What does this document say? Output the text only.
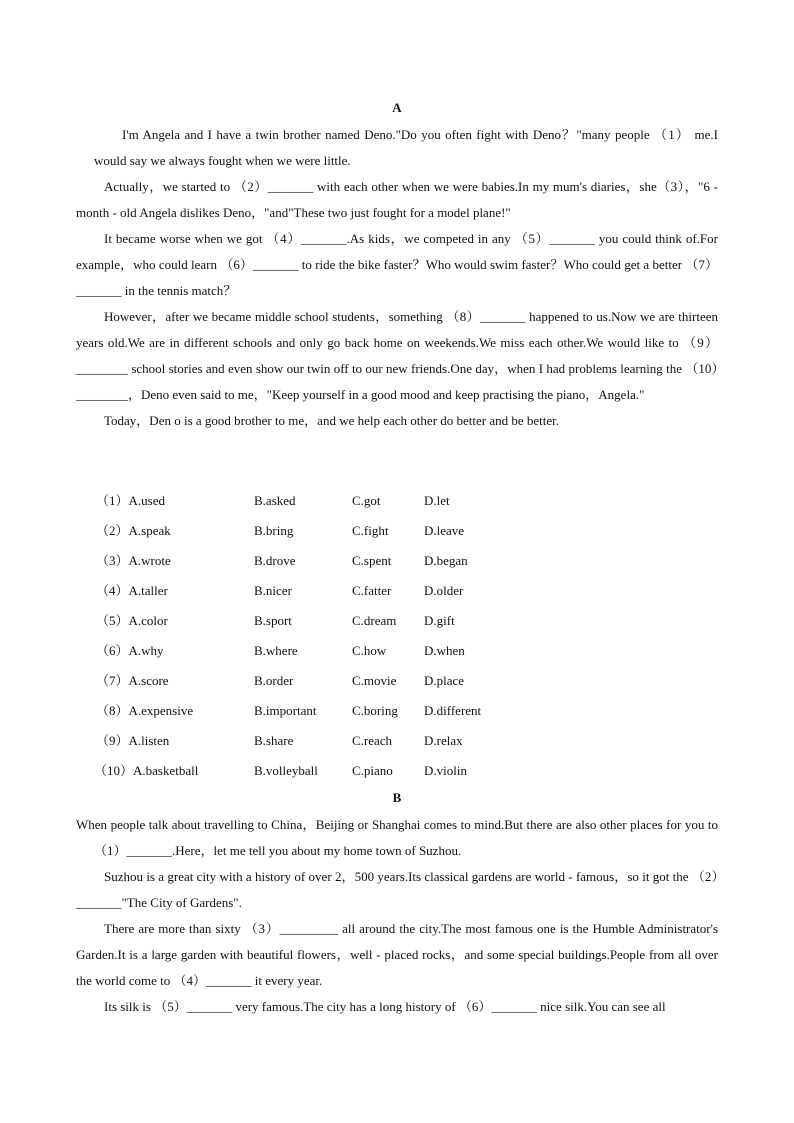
A

I'm Angela and I have a twin brother named Deno."Do you often fight with Deno？"many people （1） me.I would say we always fought when we were little.

Actually，we started to （2）_______ with each other when we were babies.In my mum's diaries，she（3），"6 - month - old Angela dislikes Deno，"and"These two just fought for a model plane!"

It became worse when we got （4）_______.As kids，we competed in any （5）_______ you could think of.For example，who could learn （6）_______ to ride the bike faster？Who would swim faster？Who could get a better （7）_______ in the tennis match？

However，after we became middle school students，something （8）_______ happened to us.Now we are thirteen years old.We are in different schools and only go back home on weekends.We miss each other.We would like to （9）________ school stories and even show our twin off to our new friends.One day，when I had problems learning the （10）________，Deno even said to me，"Keep yourself in a good mood and keep practising the piano，Angela."

Today，Den o is a good brother to me，and we help each other do better and be better.

（1）A.used	B.asked	C.got	D.let
（2）A.speak	B.bring	C.fight	D.leave
（3）A.wrote	B.drove	C.spent	D.began
（4）A.taller	B.nicer	C.fatter	D.older
（5）A.color	B.sport	C.dream D.gift
（6）A.why	B.where	C.how	D.when
（7）A.score	B.order	C.movie D.place
（8）A.expensive	B.important	C.boring D.different
（9）A.listen	B.share	C.reach D.relax
（10）A.basketball	B.volleyball	C.piano D.violin
B

When people talk about travelling to China，Beijing or Shanghai comes to mind.But there are also other places for you to （1）_______.Here，let me tell you about my home town of Suzhou.

Suzhou is a great city with a history of over 2，500 years.Its classical gardens are world - famous，so it got the （2）_______"The City of Gardens".

There are more than sixty （3）_________ all around the city.The most famous one is the Humble Administrator's Garden.It is a large garden with beautiful flowers，well - placed rocks，and some special buildings.People from all over the world come to （4）_______ it every year.

Its silk is （5）_______ very famous.The city has a long history of （6）_______ nice silk.You can see all
